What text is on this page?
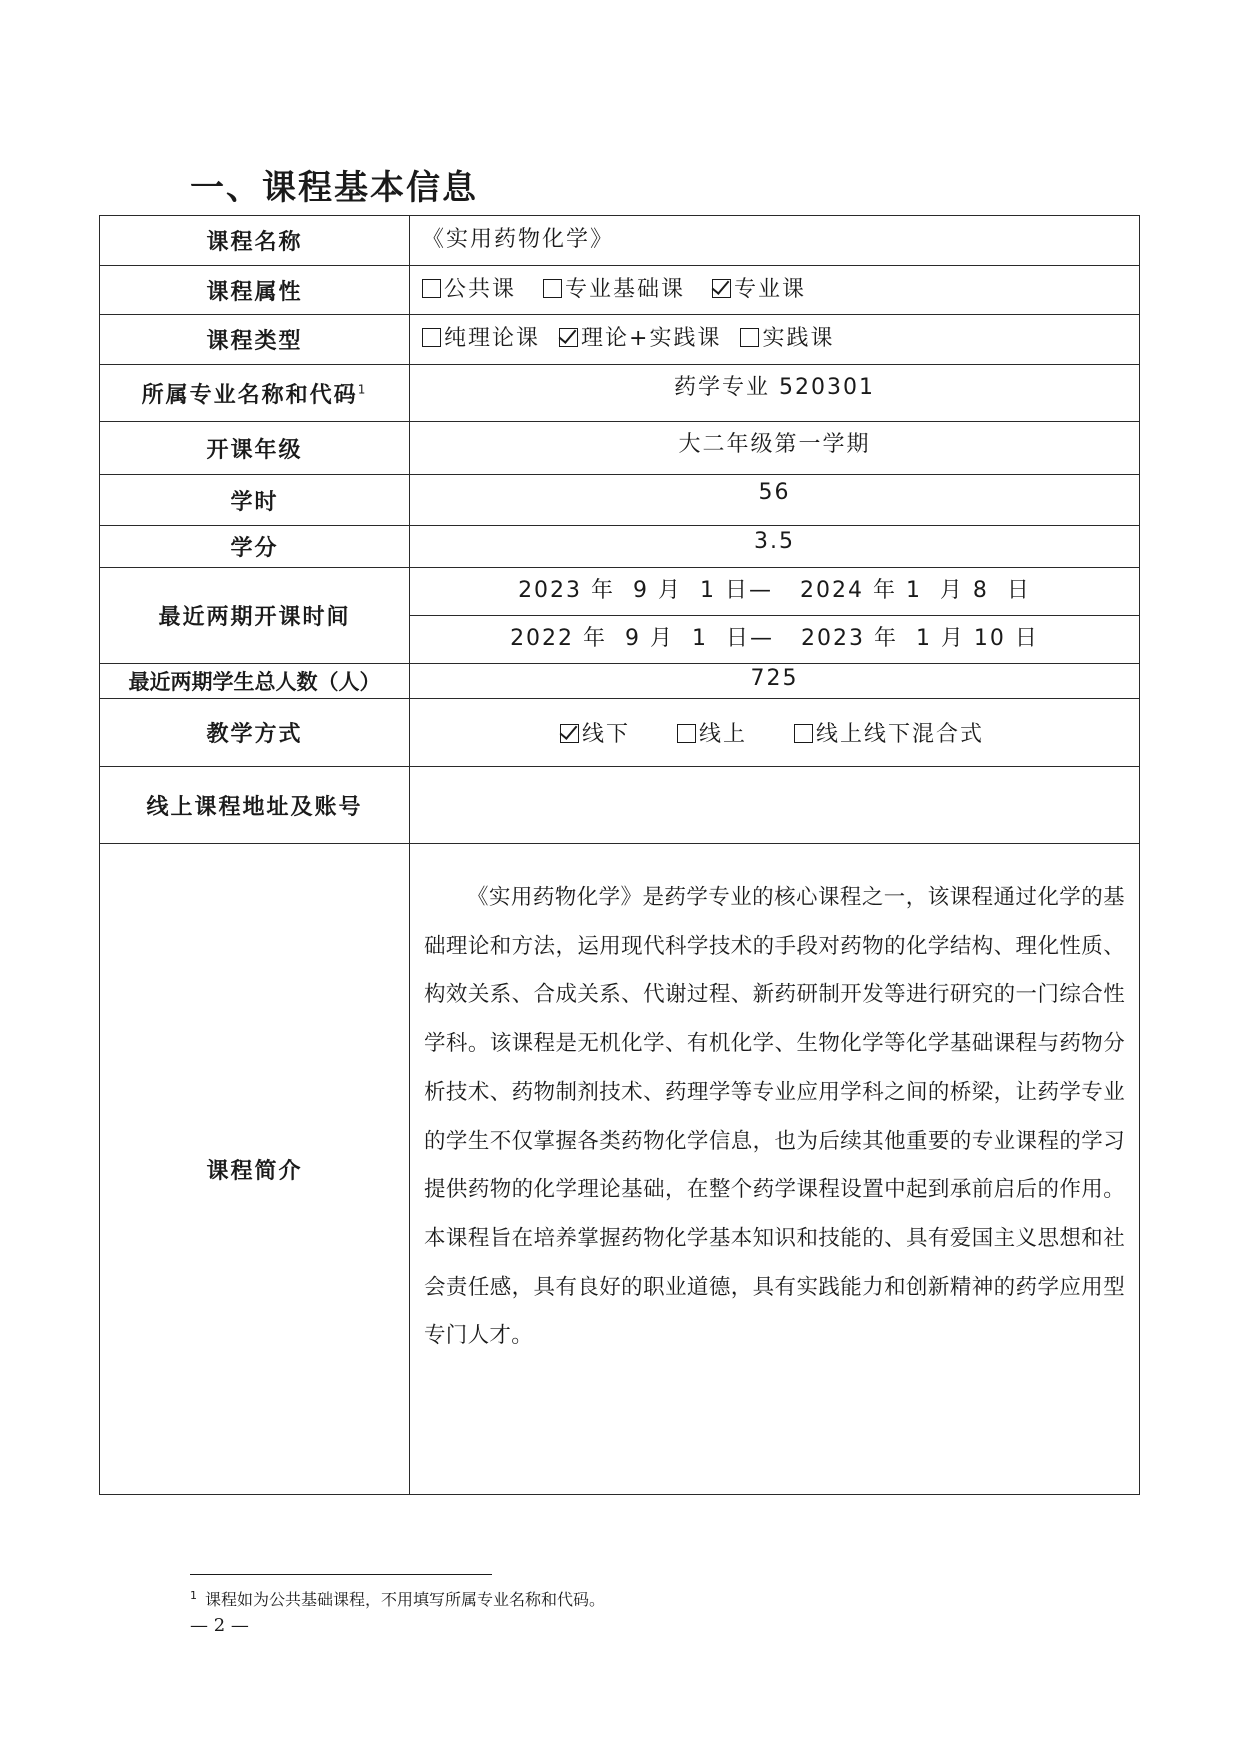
一、课程基本信息
课程名称	《实用药物化学》
课程属性	公共课 专业基础课 专业课
课程类型	纯理论课 理论+实践课 实践课
所属专业名称和代码$^1$	药学专业 520301
开课年级	大二年级第一学期
学时	56
学分	3.5
最近两期开课时间	2023 年  9 月  1 日—   2024 年 1  月 8  日
	2022 年  9 月  1  日—   2023 年  1 月 10 日
最近两期学生总人数（人）	725
教学方式	线下 线上 线上线下混合式
线上课程地址及账号	
课程简介	《实用药物化学》是药学专业的核心课程之一，该课程通过化学的基础理论和方法，运用现代科学技术的手段对药物的化学结构、理化性质、构效关系、合成关系、代谢过程、新药研制开发等进行研究的一门综合性学科。该课程是无机化学、有机化学、生物化学等化学基础课程与药物分析技术、药物制剂技术、药理学等专业应用学科之间的桥梁，让药学专业的学生不仅掌握各类药物化学信息，也为后续其他重要的专业课程的学习提供药物的化学理论基础，在整个药学课程设置中起到承前启后的作用。本课程旨在培养掌握药物化学基本知识和技能的、具有爱国主义思想和社会责任感，具有良好的职业道德，具有实践能力和创新精神的药学应用型专门人才。

$^1$ 课程如为公共基础课程，不用填写所属专业名称和代码。
— 2 —
